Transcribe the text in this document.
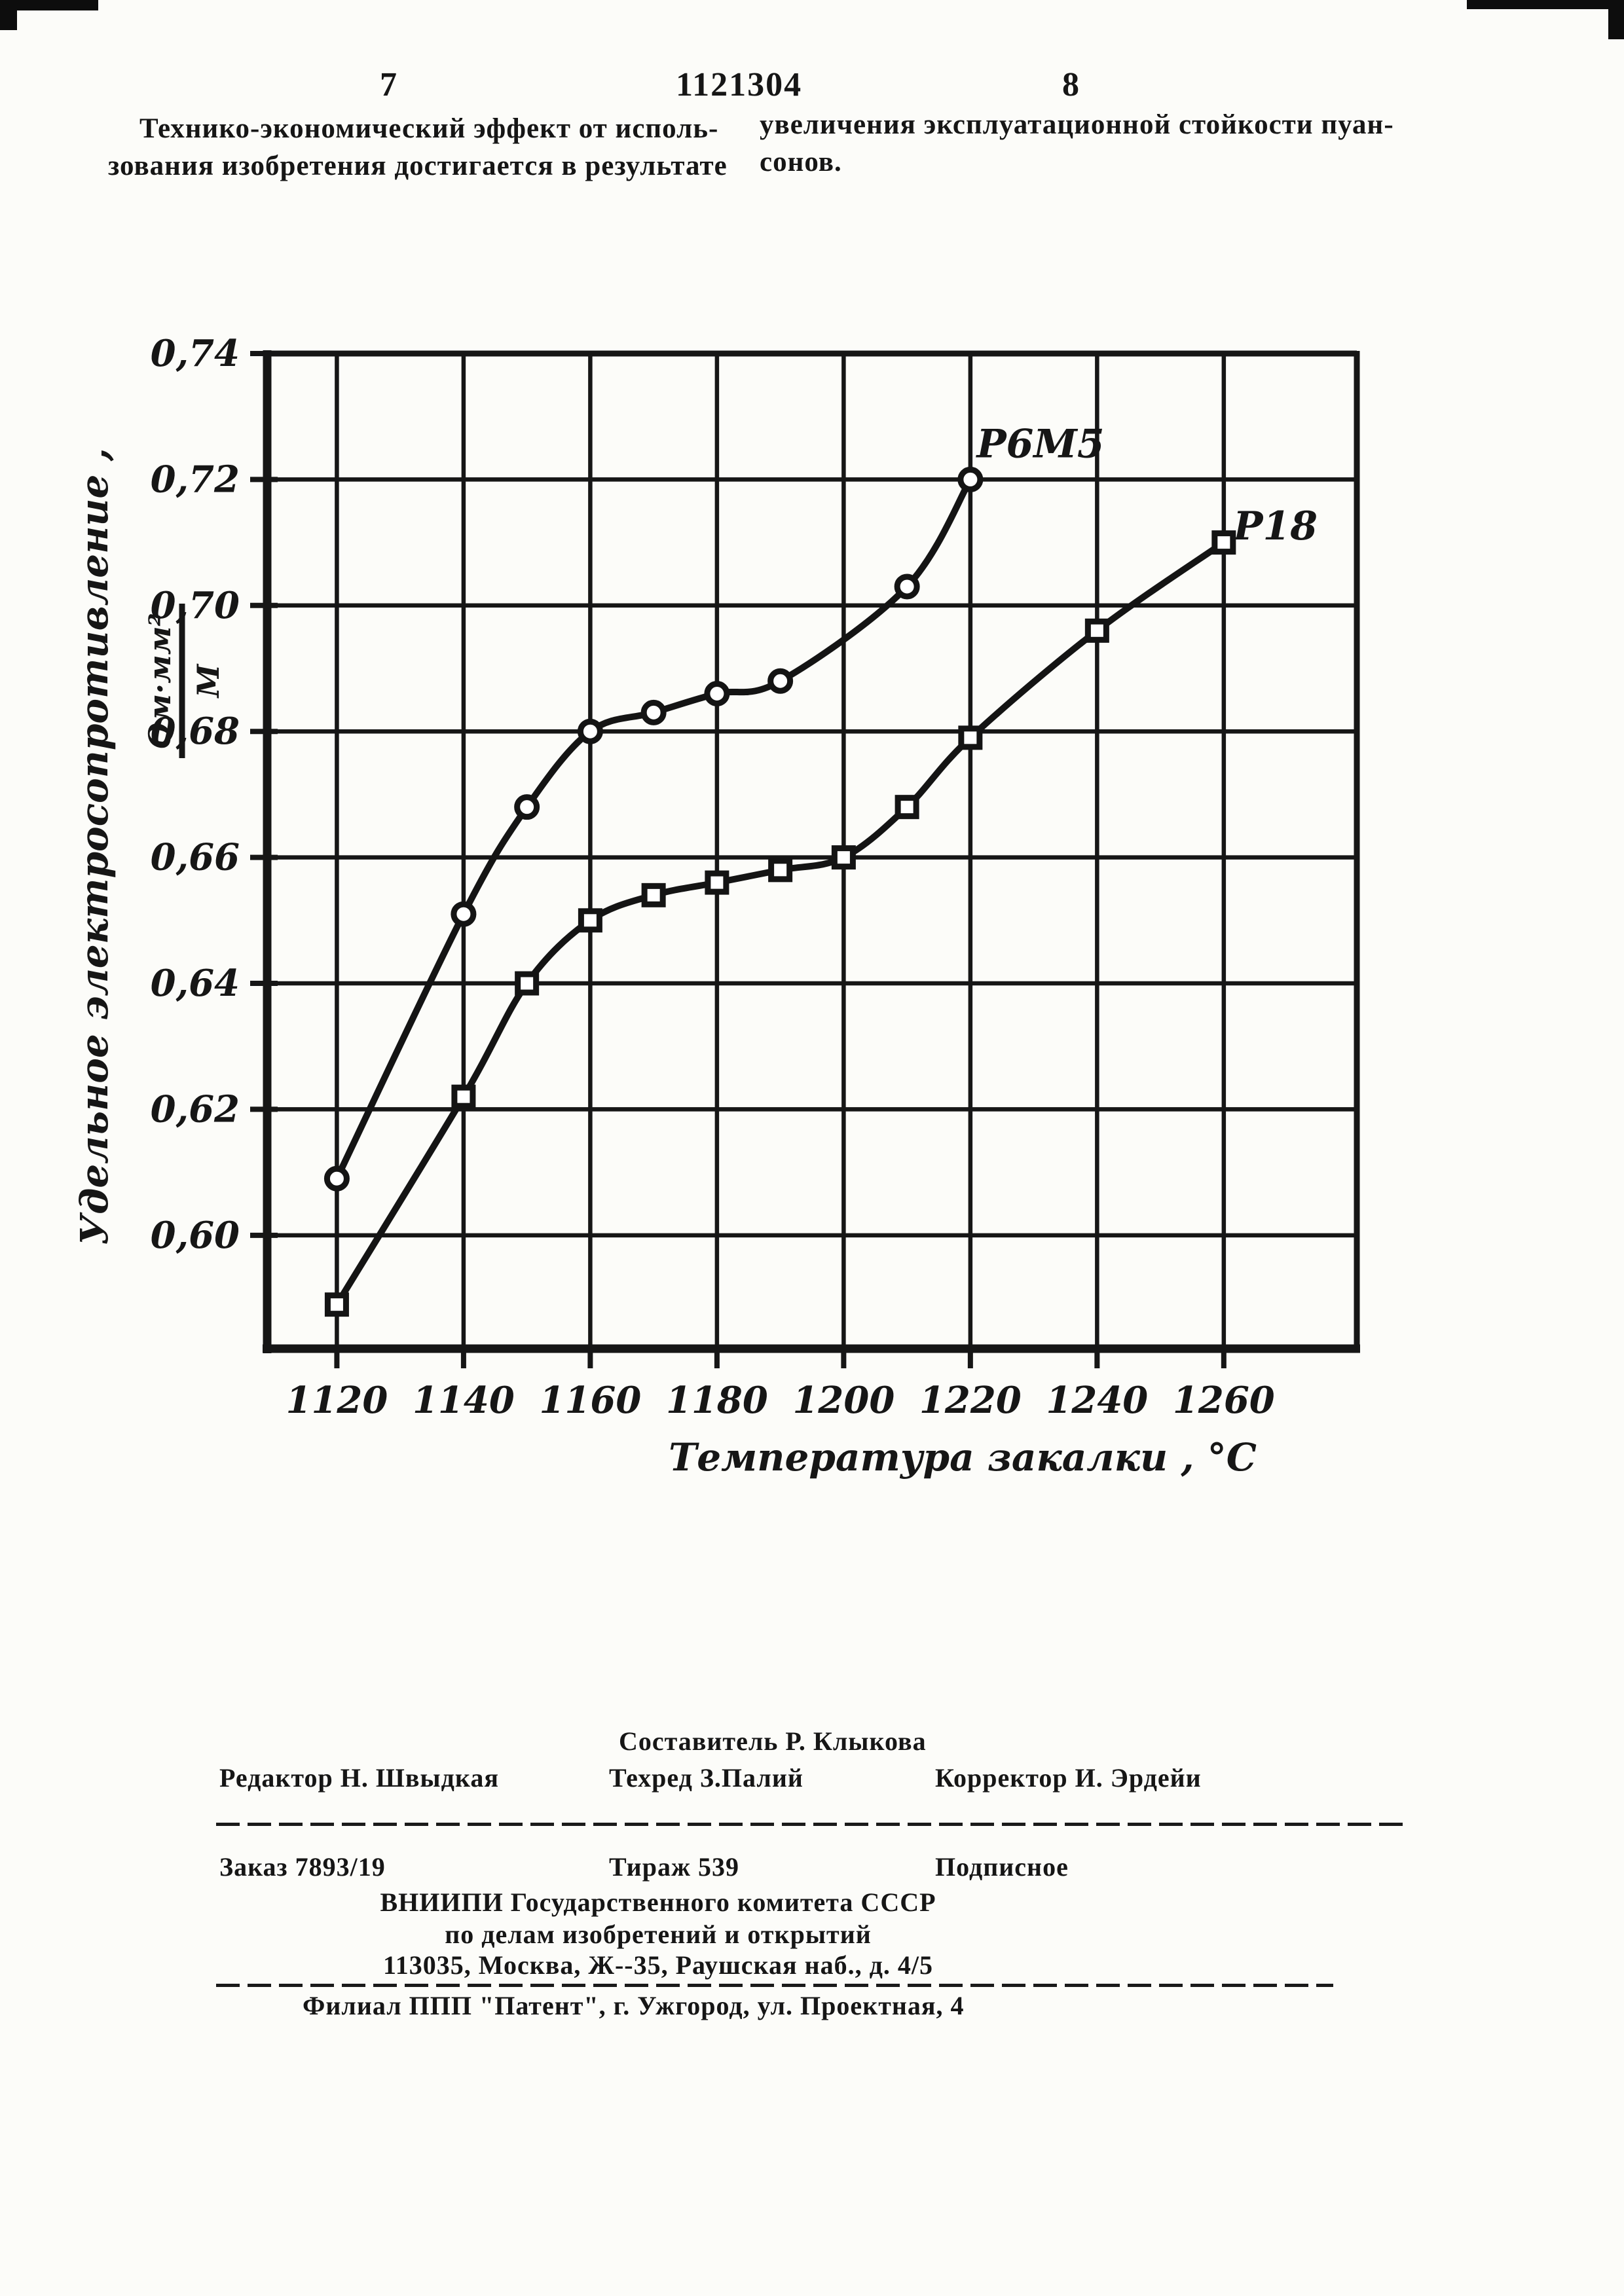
7	1121304	8
Технико-экономический эффект от исполь-
зования изобретения достигается в результате
увеличения эксплуатационной стойкости пуан-
сонов.
1120 1140 1160 1180 1200 1220 1240 1260
0,60
0,62
0,64
0,66
0,68
0,70
0,72
0,74
Р6М5
Р18
Температура закалки , °С
Удельное электросопротивление , Ом·мм² М
Составитель Р. Клыкова
Редактор Н. Швыдкая	Техред З.Палий	Корректор И. Эрдейи
Заказ 7893/19	Тираж 539	Подписное
ВНИИПИ Государственного комитета СССР
по делам изобретений и открытий
113035, Москва, Ж--35, Раушская наб., д. 4/5
Филиал ППП "Патент", г. Ужгород, ул. Проектная, 4
